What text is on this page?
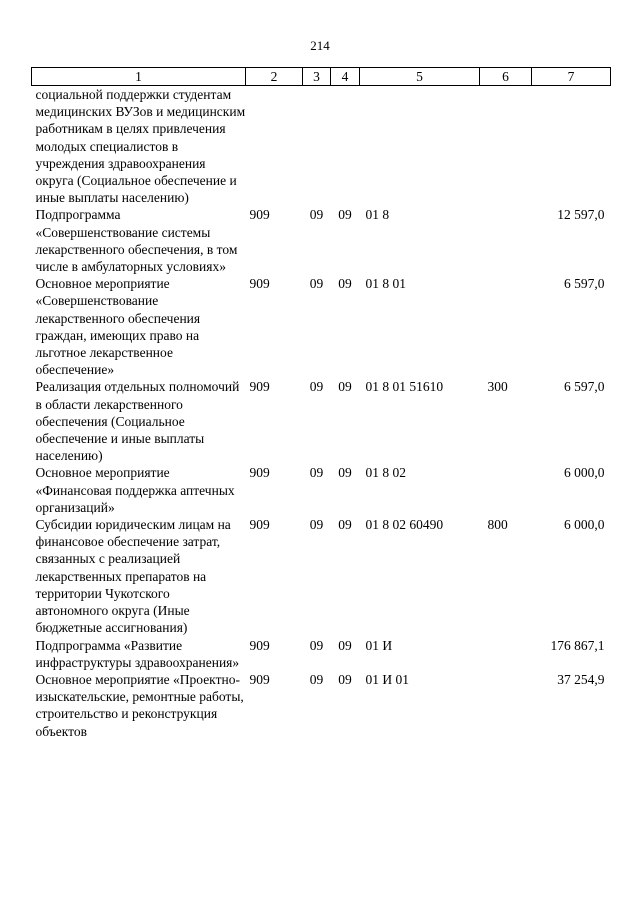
214
1	2	3	4	5	6	7
социальной поддержки студентам медицинских ВУЗов и медицинским работникам в целях привлечения молодых специалистов в учреждения здравоохранения округа (Социальное обеспечение и иные выплаты населению)						
Подпрограмма «Совершенствование системы лекарственного обеспечения, в том числе в амбулаторных условиях»	909	09	09	01 8		12 597,0
Основное мероприятие «Совершенствование лекарственного обеспечения граждан, имеющих право на льготное лекарственное обеспечение»	909	09	09	01 8 01		6 597,0
Реализация отдельных полномочий в области лекарственного обеспечения (Социальное обеспечение и иные выплаты населению)	909	09	09	01 8 01 51610	300	6 597,0
Основное мероприятие «Финансовая поддержка аптечных организаций»	909	09	09	01 8 02		6 000,0
Субсидии юридическим лицам на финансовое обеспечение затрат, связанных с реализацией лекарственных препаратов на территории Чукотского автономного округа (Иные бюджетные ассигнования)	909	09	09	01 8 02 60490	800	6 000,0
Подпрограмма «Развитие инфраструктуры здравоохранения»	909	09	09	01 И		176 867,1
Основное мероприятие «Проектно-изыскательские, ремонтные работы, строительство и реконструкция объектов	909	09	09	01 И 01		37 254,9
